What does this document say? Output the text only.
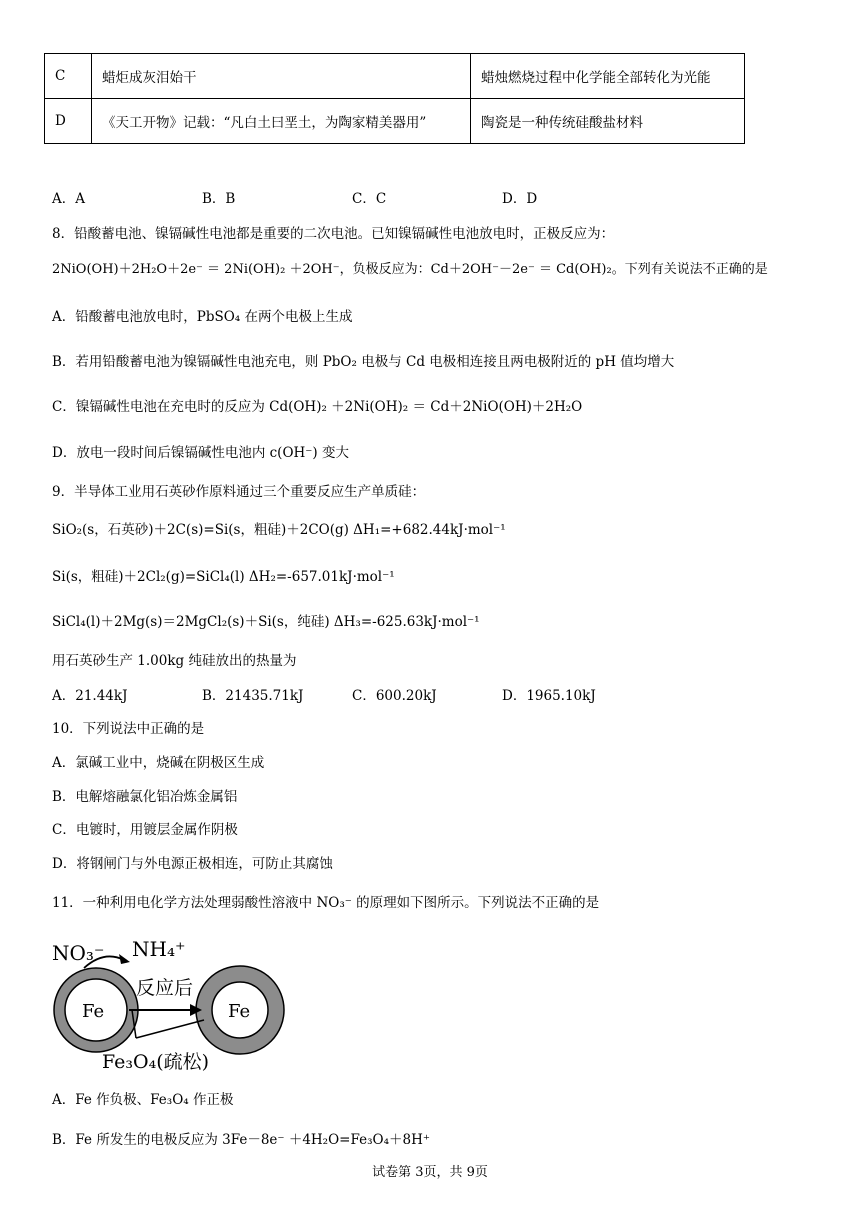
C	蜡炬成灰泪始干	蜡烛燃烧过程中化学能全部转化为光能
D	《天工开物》记载：“凡白土曰垩土，为陶家精美器用”	陶瓷是一种传统硅酸盐材料
A．A	B．B	C．C	D．D
8．铅酸蓄电池、镍镉碱性电池都是重要的二次电池。已知镍镉碱性电池放电时，正极反应为：
2NiO(OH)＋2H₂O＋2e⁻ ＝ 2Ni(OH)₂ ＋2OH⁻，负极反应为：Cd＋2OH⁻－2e⁻ ＝ Cd(OH)₂。下列有关说法不正确的是
A．铅酸蓄电池放电时，PbSO₄ 在两个电极上生成
B．若用铅酸蓄电池为镍镉碱性电池充电，则 PbO₂ 电极与 Cd 电极相连接且两电极附近的 pH 值均增大
C．镍镉碱性电池在充电时的反应为 Cd(OH)₂ ＋2Ni(OH)₂ ＝ Cd＋2NiO(OH)＋2H₂O
D．放电一段时间后镍镉碱性电池内 c(OH⁻) 变大
9．半导体工业用石英砂作原料通过三个重要反应生产单质硅：
SiO₂(s，石英砂)＋2C(s)=Si(s，粗硅)＋2CO(g) ΔH₁=+682.44kJ·mol⁻¹
Si(s，粗硅)＋2Cl₂(g)=SiCl₄(l) ΔH₂=-657.01kJ·mol⁻¹
SiCl₄(l)＋2Mg(s)＝2MgCl₂(s)＋Si(s，纯硅) ΔH₃=-625.63kJ·mol⁻¹
用石英砂生产 1.00kg 纯硅放出的热量为
A．21.44kJ	B．21435.71kJ	C．600.20kJ	D．1965.10kJ
10．下列说法中正确的是
A．氯碱工业中，烧碱在阴极区生成
B．电解熔融氯化铝冶炼金属铝
C．电镀时，用镀层金属作阴极
D．将钢闸门与外电源正极相连，可防止其腐蚀
11．一种利用电化学方法处理弱酸性溶液中 NO₃⁻ 的原理如下图所示。下列说法不正确的是
NO₃⁻ NH₄⁺
Fe	Fe
反应后
Fe₃O₄(疏松)
A．Fe 作负极、Fe₃O₄ 作正极
B．Fe 所发生的电极反应为 3Fe－8e⁻ ＋4H₂O=Fe₃O₄＋8H⁺
试卷第 3页，共 9页
